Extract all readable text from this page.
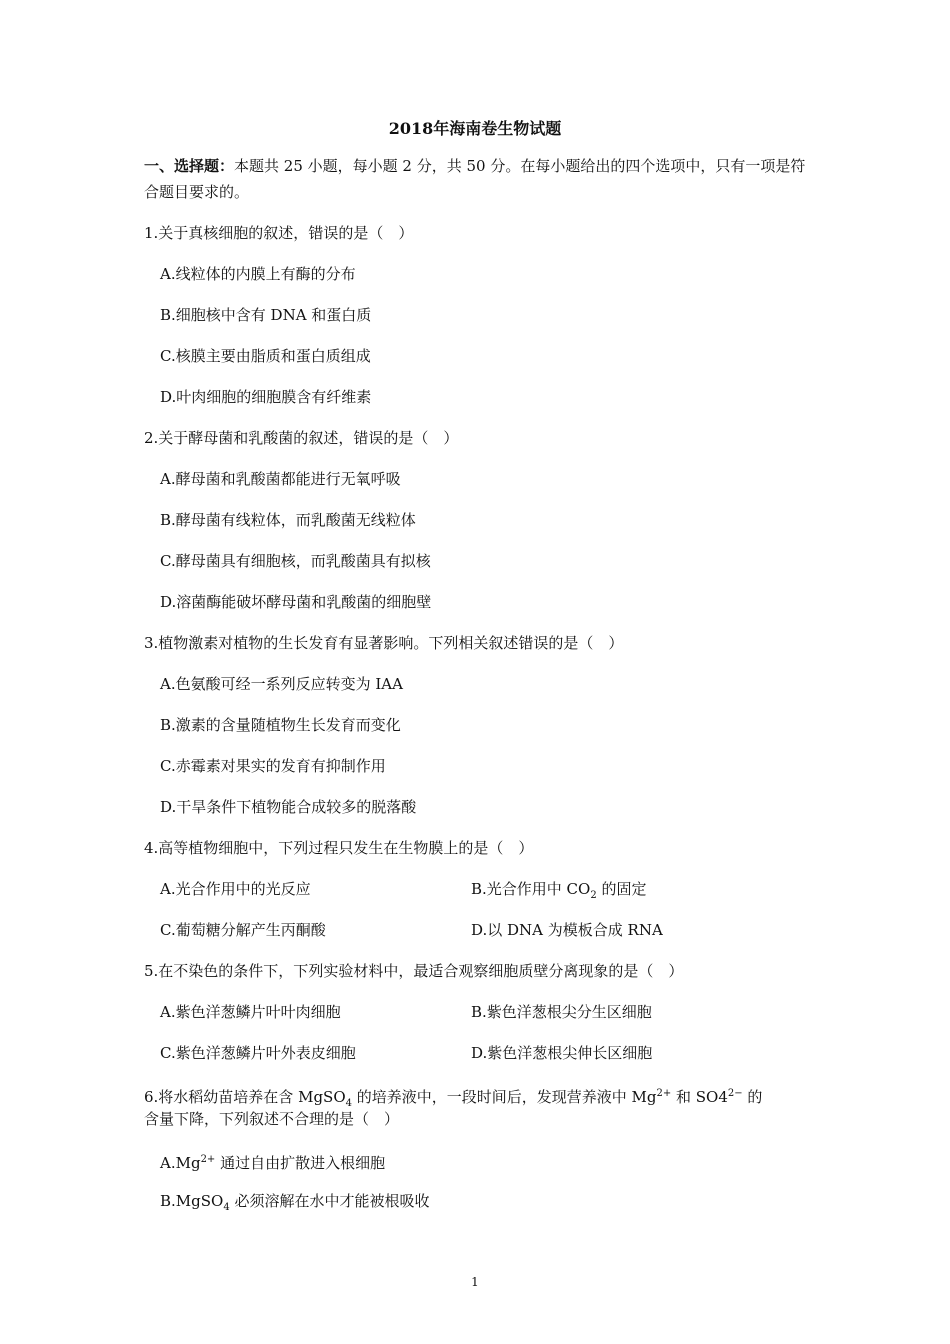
2018年海南卷生物试题
一、选择题：本题共 25 小题，每小题 2 分，共 50 分。在每小题给出的四个选项中，只有一项是符合题目要求的。
1.关于真核细胞的叙述，错误的是（　）
A.线粒体的内膜上有酶的分布
B.细胞核中含有 DNA 和蛋白质
C.核膜主要由脂质和蛋白质组成
D.叶肉细胞的细胞膜含有纤维素
2.关于酵母菌和乳酸菌的叙述，错误的是（　）
A.酵母菌和乳酸菌都能进行无氧呼吸
B.酵母菌有线粒体，而乳酸菌无线粒体
C.酵母菌具有细胞核，而乳酸菌具有拟核
D.溶菌酶能破坏酵母菌和乳酸菌的细胞壁
3.植物激素对植物的生长发育有显著影响。下列相关叙述错误的是（　）
A.色氨酸可经一系列反应转变为 IAA
B.激素的含量随植物生长发育而变化
C.赤霉素对果实的发育有抑制作用
D.干旱条件下植物能合成较多的脱落酸
4.高等植物细胞中，下列过程只发生在生物膜上的是（　）
A.光合作用中的光反应	B.光合作用中 $CO_2$ 的固定
C.葡萄糖分解产生丙酮酸	D.以 DNA 为模板合成 RNA
5.在不染色的条件下，下列实验材料中，最适合观察细胞质壁分离现象的是（　）
A.紫色洋葱鳞片叶叶肉细胞	B.紫色洋葱根尖分生区细胞
C.紫色洋葱鳞片叶外表皮细胞	D.紫色洋葱根尖伸长区细胞
6.将水稻幼苗培养在含 MgSO$_4$ 的培养液中，一段时间后，发现营养液中 $Mg^{2+}$ 和 $SO4^{2-}$ 的
含量下降，下列叙述不合理的是（　）
$A.Mg^{2+}$ 通过自由扩散进入根细胞
B.MgSO$_4$ 必须溶解在水中才能被根吸收
1
